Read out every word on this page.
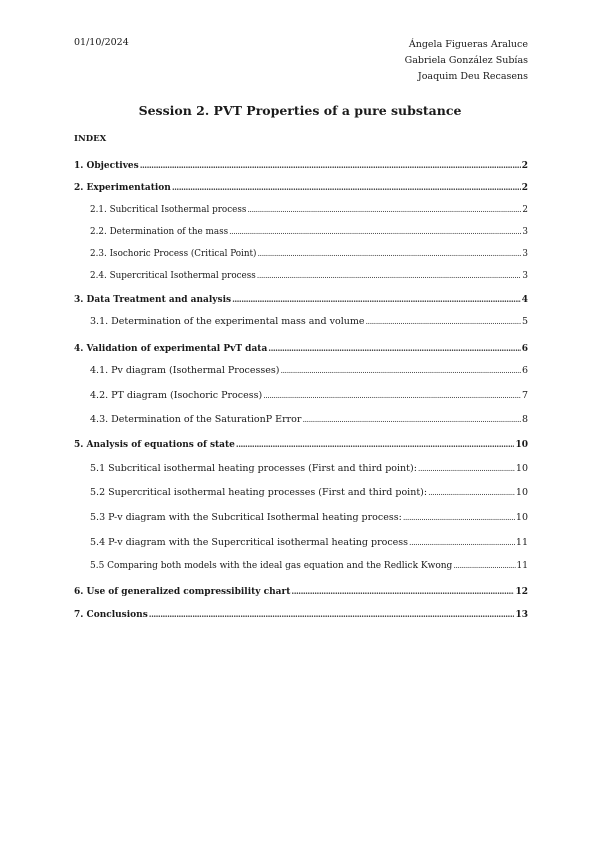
01/10/2024	Ángela Figueras Araluce
Gabriela González Subías
Joaquim Deu Recasens
Session 2. PVT Properties of a pure substance
INDEX
1. Objectives .....	2
2. Experimentation .....	2
2.1. Subcritical Isothermal process .....	2
2.2. Determination of the mass .....	3
2.3. Isochoric Process (Critical Point) .....	3
2.4. Supercritical Isothermal process .....	3
3. Data Treatment and analysis .....	4
3.1. Determination of the experimental mass and volume .....	5
4. Validation of experimental PvT data .....	6
4.1. Pv diagram (Isothermal Processes) .....	6
4.2. PT diagram (Isochoric Process) .....	7
4.3. Determination of the SaturationP Error .....	8
5. Analysis of equations of state .....	10
5.1 Subcritical isothermal heating processes (First and third point): .....	10
5.2 Supercritical isothermal heating processes (First and third point): .....	10
5.3 P-v diagram with the Subcritical Isothermal heating process: .....	10
5.4 P-v diagram with the Supercritical isothermal heating process .....	11
5.5 Comparing both models with the ideal gas equation and the Redlick Kwong .....	11
6. Use of generalized compressibility chart .....	12
7. Conclusions .....	13
